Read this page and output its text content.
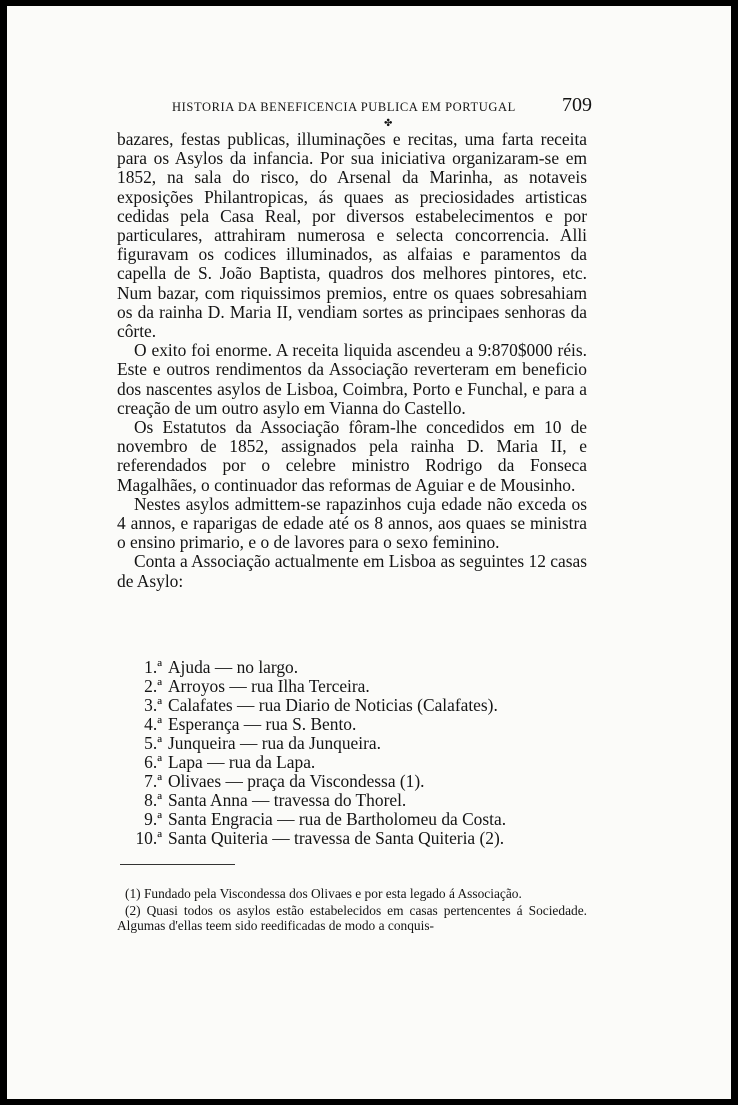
HISTORIA DA BENEFICENCIA PUBLICA EM PORTUGAL 709
✤

bazares, festas publicas, illuminações e recitas, uma farta receita para os Asylos da infancia. Por sua iniciativa organizaram-se em 1852, na sala do risco, do Arsenal da Marinha, as notaveis exposições Philantropicas, ás quaes as preciosidades artisticas cedidas pela Casa Real, por diversos estabelecimentos e por particulares, attrahiram numerosa e selecta concorrencia. Alli figuravam os codices illuminados, as alfaias e paramentos da capella de S. João Baptista, quadros dos melhores pintores, etc. Num bazar, com riquissimos premios, entre os quaes sobresahiam os da rainha D. Maria II, vendiam sortes as principaes senhoras da côrte.

O exito foi enorme. A receita liquida ascendeu a 9:870$000 réis. Este e outros rendimentos da Associação reverteram em beneficio dos nascentes asylos de Lisboa, Coimbra, Porto e Funchal, e para a creação de um outro asylo em Vianna do Castello.

Os Estatutos da Associação fôram-lhe concedidos em 10 de novembro de 1852, assignados pela rainha D. Maria II, e referendados por o celebre ministro Rodrigo da Fonseca Magalhães, o continuador das reformas de Aguiar e de Mousinho.

Nestes asylos admittem-se rapazinhos cuja edade não exceda os 4 annos, e raparigas de edade até os 8 annos, aos quaes se ministra o ensino primario, e o de lavores para o sexo feminino.

Conta a Associação actualmente em Lisboa as seguintes 12 casas de Asylo:

1.ª Ajuda — no largo.
2.ª Arroyos — rua Ilha Terceira.
3.ª Calafates — rua Diario de Noticias (Calafates).
4.ª Esperança — rua S. Bento.
5.ª Junqueira — rua da Junqueira.
6.ª Lapa — rua da Lapa.
7.ª Olivaes — praça da Viscondessa (1).
8.ª Santa Anna — travessa do Thorel.
9.ª Santa Engracia — rua de Bartholomeu da Costa.
10.ª Santa Quiteria — travessa de Santa Quiteria (2).

(1) Fundado pela Viscondessa dos Olivaes e por esta legado á Associação.

(2) Quasi todos os asylos estão estabelecidos em casas pertencentes á Sociedade. Algumas d'ellas teem sido reedificadas de modo a conquis-
